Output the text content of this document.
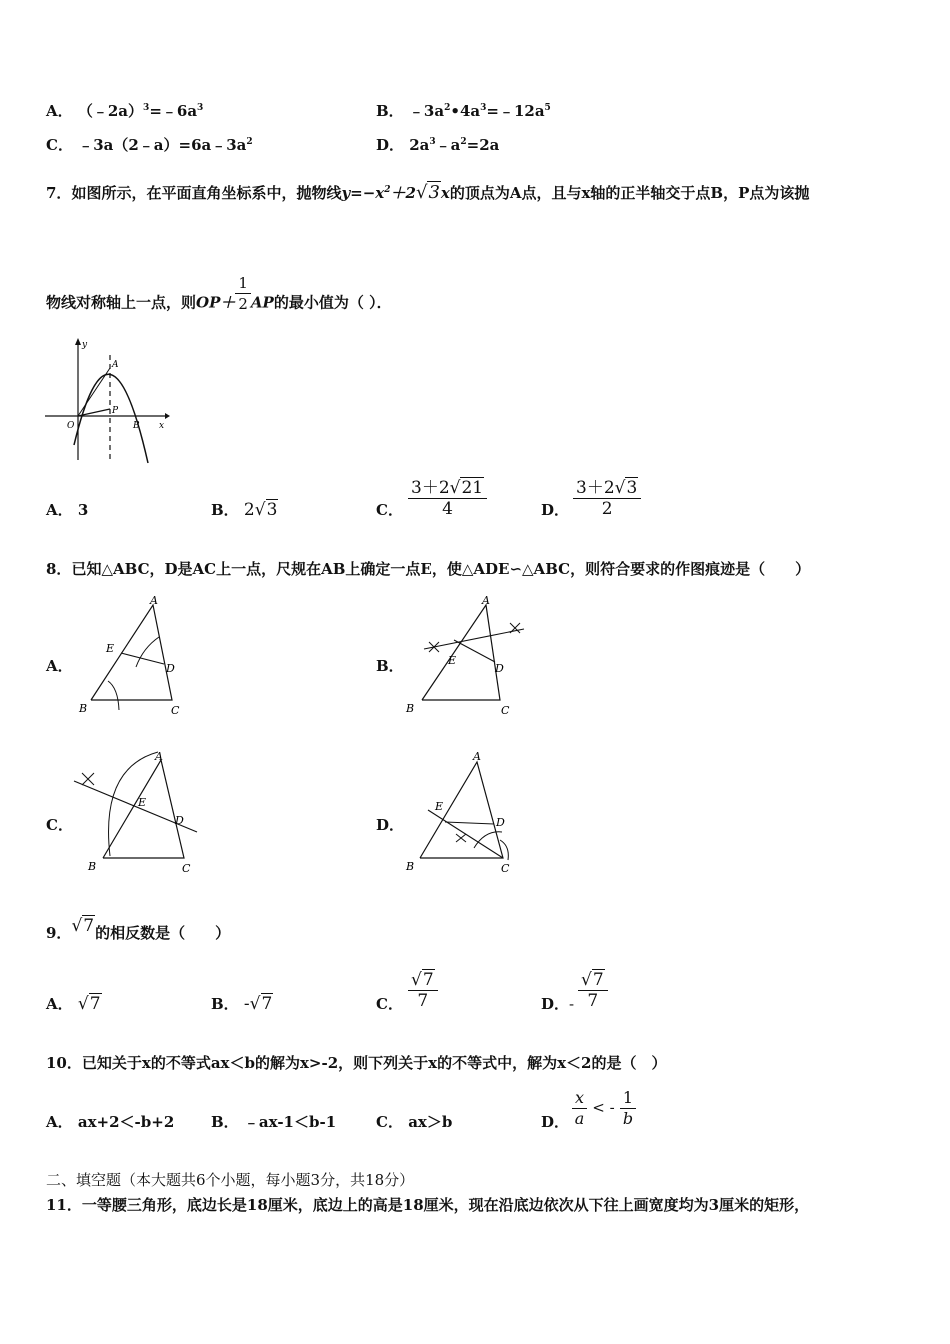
A． $(﹣2a)^3=﹣6a^3$	B． $﹣3a^2•4a^3=﹣12a^5$
C． $﹣3a(2﹣a)=6a﹣3a^2$	D． $2a^3﹣a^2=2a$
7．如图所示，在平面直角坐标系中，抛物线$y=-x^2+2√3x$的顶点为A点，且与x轴的正半轴交于点B，P点为该抛
物线对称轴上一点，则$OP+ \frac{1}{2}$ AP的最小值为（ ）．
y
x
O
A
P
B
A． 3	B． 2√3	C． $\frac{3+2√21}{4}$	D． $\frac{3+2√3}{2}$
8．已知△ABC，D是AC上一点，尺规在AB上确定一点E，使△ADE∽△ABC，则符合要求的作图痕迹是（　　）
A．
A
B	C
D
E
B．
A
B	C
D
E
C．
A
B	C
D
E
D．
A
B	C
D
E
9．√7的相反数是（　　）
A． √7	B． -√7	C． $\frac{√7}{7}$	D．- $\frac{√7}{7}$
10．已知关于x的不等式ax＜b的解为x>-2，则下列关于x的不等式中，解为x＜2的是（　）
A． ax+2＜-b+2 B． ﹣ax-1＜b-1	C． ax＞b	D． $\frac{x}{a}$ < - $\frac{1}{b}$
二、填空题（本大题共6个小题，每小题3分，共18分）
11．一等腰三角形，底边长是18厘米，底边上的高是18厘米，现在沿底边依次从下往上画宽度均为3厘米的矩形，
